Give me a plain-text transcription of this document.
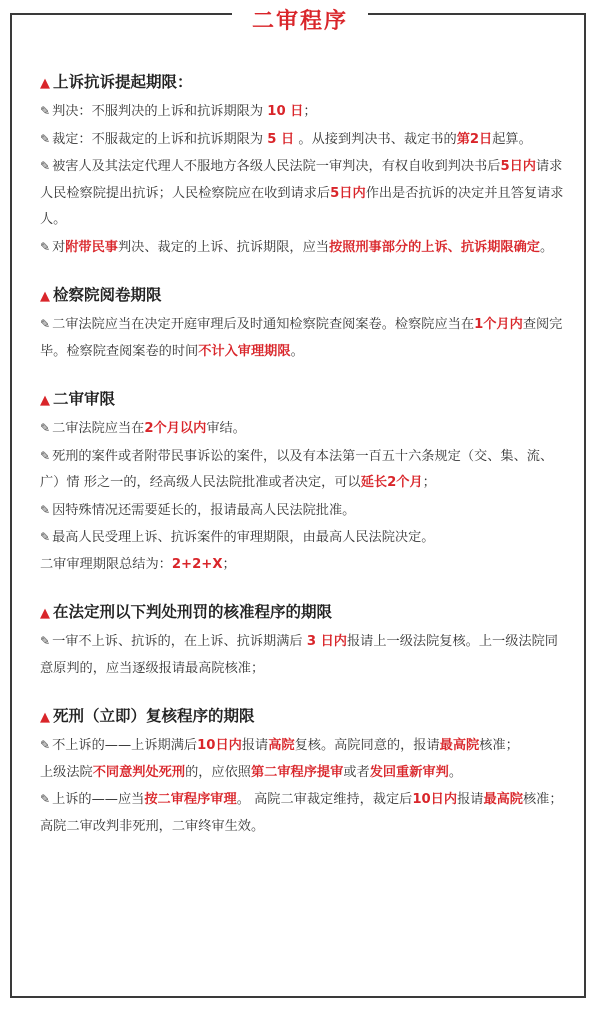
二审程序
▲ 上诉抗诉提起期限：
✎ 判决：不服判决的上诉和抗诉期限为 10 日；
✎ 裁定：不服裁定的上诉和抗诉期限为 5 日 。从接到判决书、裁定书的第2日起算。
✎ 被害人及其法定代理人不服地方各级人民法院一审判决，有权自收到判决书后5日内请求人民检察院提出抗诉；人民检察院应在收到请求后5日内作出是否抗诉的决定并且答复请求人。
✎ 对附带民事判决、裁定的上诉、抗诉期限，应当按照刑事部分的上诉、抗诉期限确定。
▲ 检察院阅卷期限
✎ 二审法院应当在决定开庭审理后及时通知检察院查阅案卷。检察院应当在1个月内查阅完毕。检察院查阅案卷的时间不计入审理期限。
▲ 二审审限
✎ 二审法院应当在2个月以内审结。
✎ 死刑的案件或者附带民事诉讼的案件，以及有本法第一百五十六条规定（交、集、流、广）情 形之一的，经高级人民法院批准或者决定，可以延长2个月；
✎ 因特殊情况还需要延长的，报请最高人民法院批准。
✎ 最高人民受理上诉、抗诉案件的审理期限，由最高人民法院决定。
二审审理期限总结为：2+2+X；
▲ 在法定刑以下判处刑罚的核准程序的期限
✎ 一审不上诉、抗诉的，在上诉、抗诉期满后 3 日内报请上一级法院复核。上一级法院同意原判的，应当逐级报请最高院核准；
▲ 死刑（立即）复核程序的期限
✎ 不上诉的——上诉期满后10日内报请高院复核。高院同意的，报请最高院核准；
上级法院不同意判处死刑的，应依照第二审程序提审或者发回重新审判。
✎ 上诉的——应当按二审程序审理。 高院二审裁定维持，裁定后10日内报请最高院核准； 高院二审改判非死刑，二审终审生效。
